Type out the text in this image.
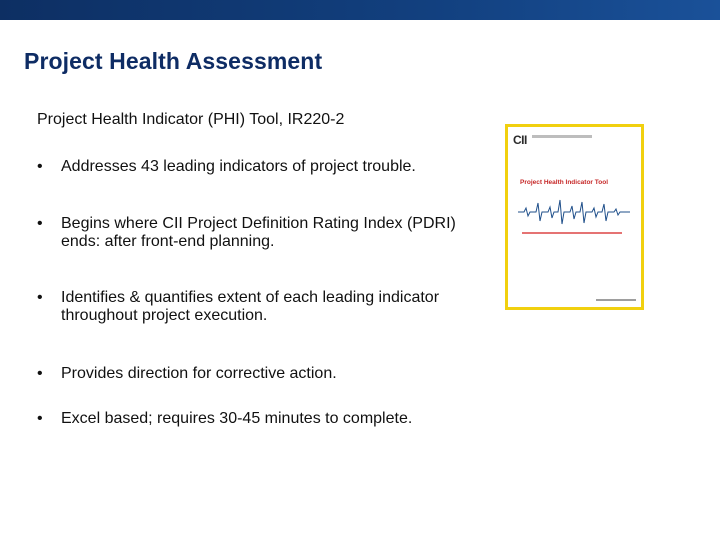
Project Health Assessment

Project Health Indicator (PHI) Tool, IR220-2

• Addresses 43 leading indicators of project trouble.
• Begins where CII Project Definition Rating Index (PDRI) ends: after front-end planning.
• Identifies & quantifies extent of each leading indicator throughout project execution.
• Provides direction for corrective action.
• Excel based; requires 30-45 minutes to complete.
CII
Project Health Indicator Tool
